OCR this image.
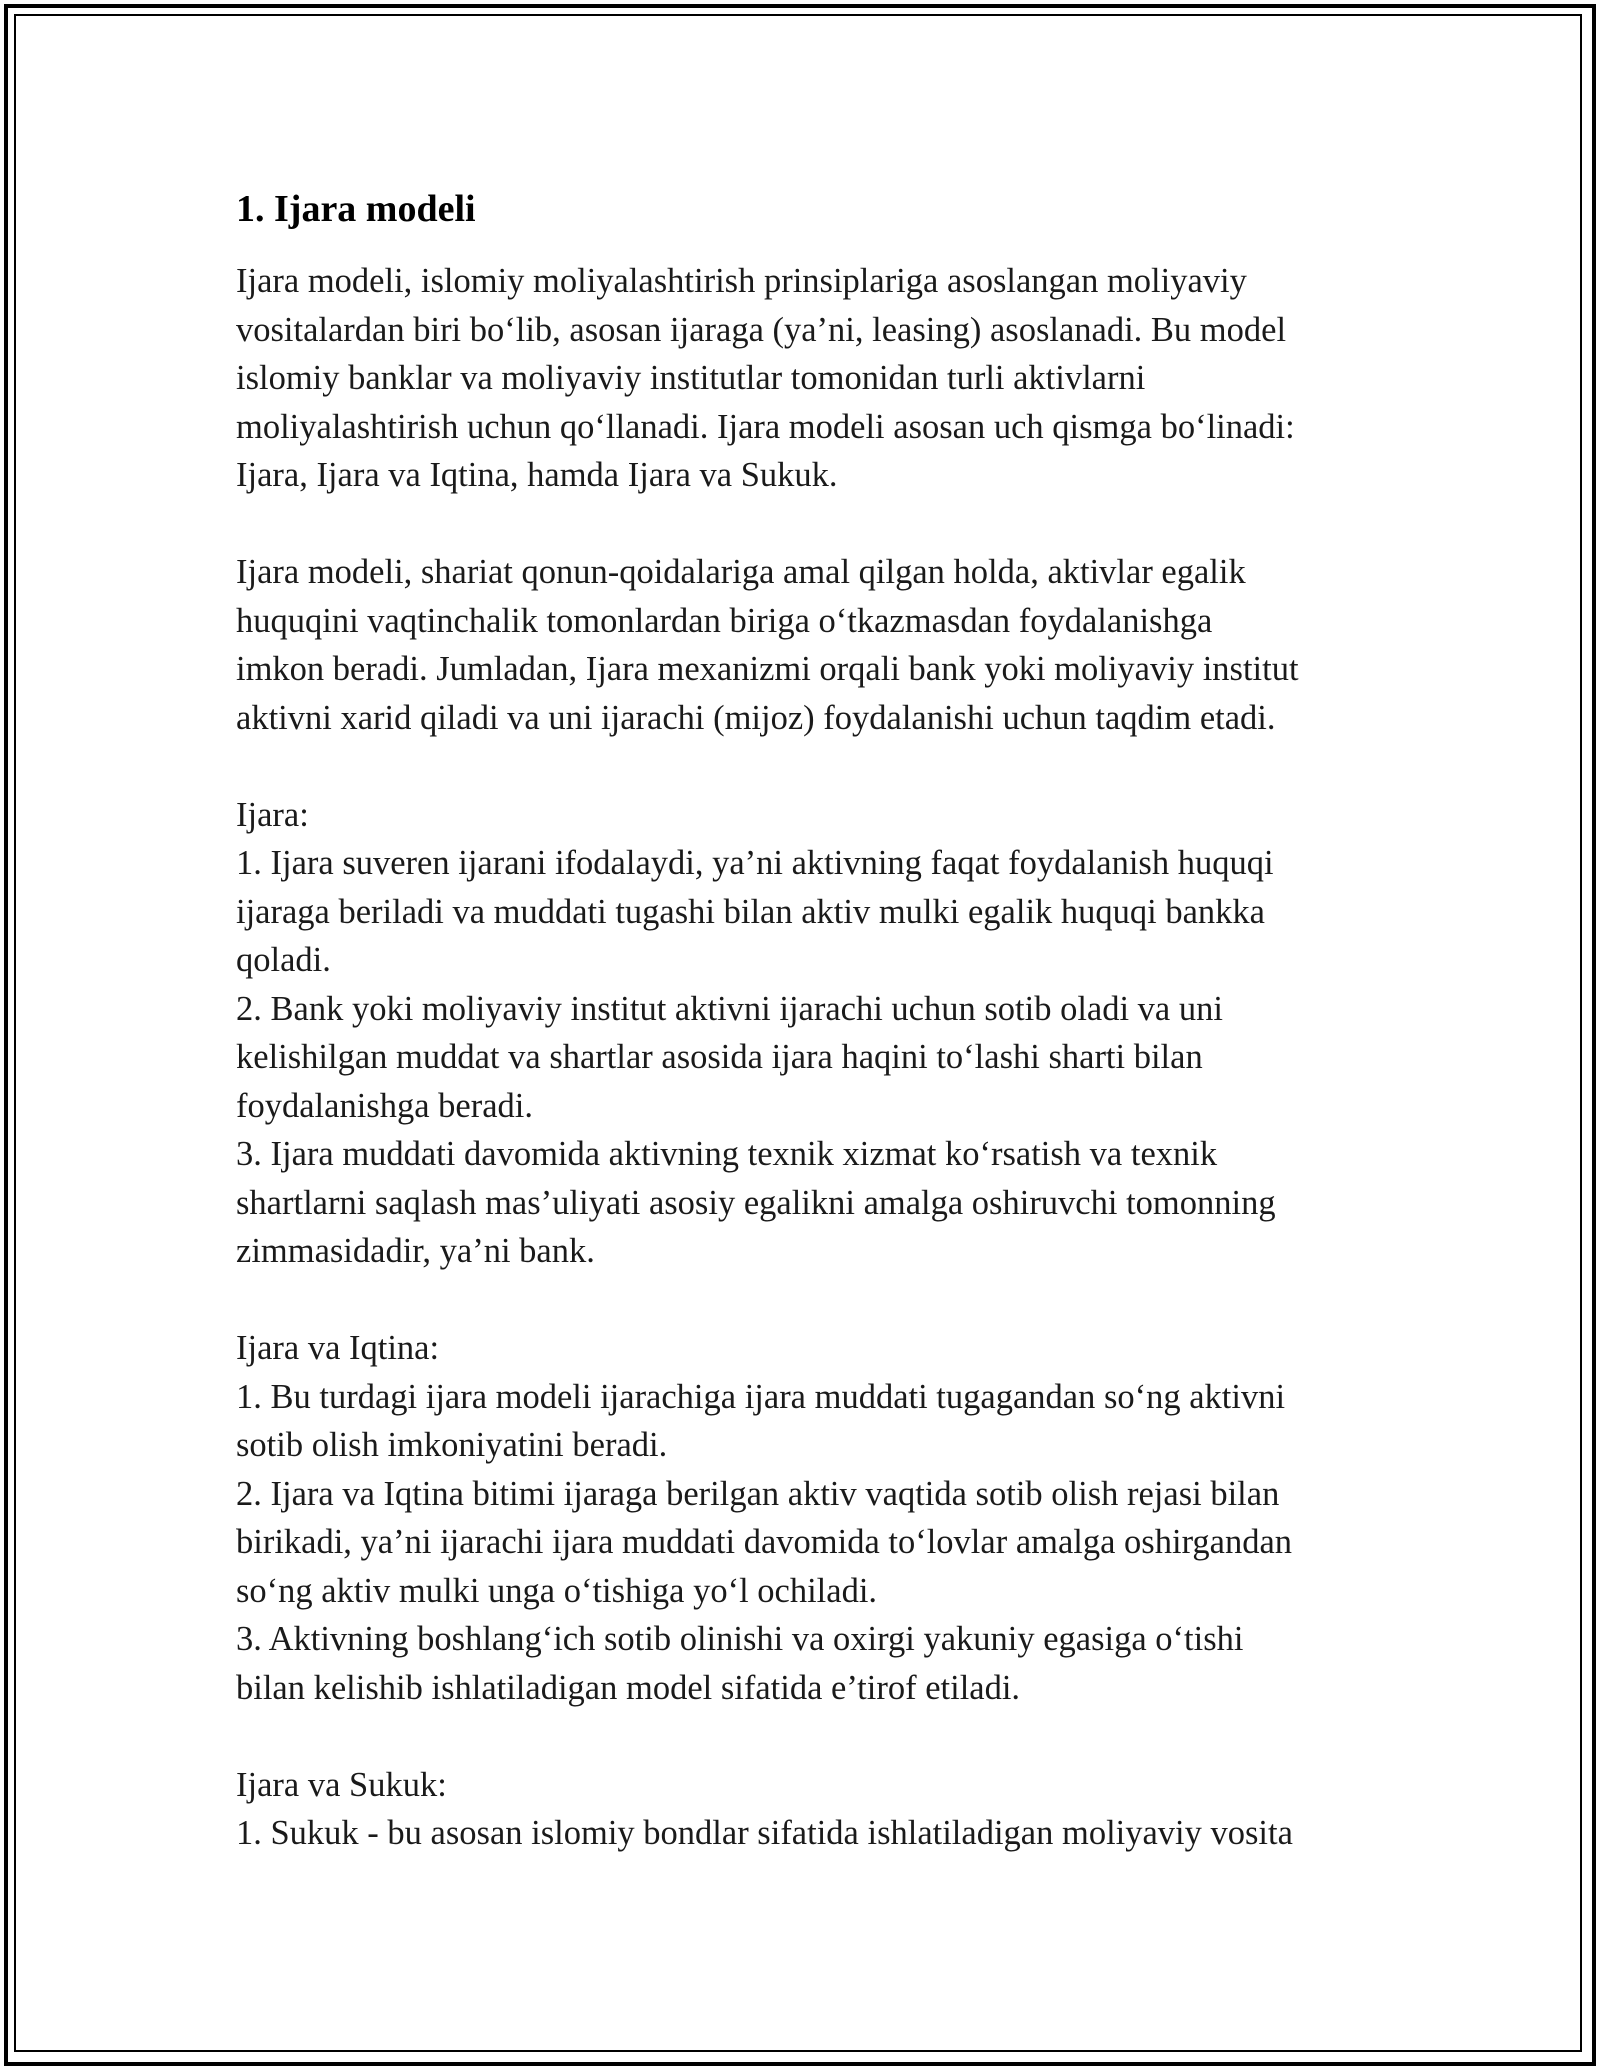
1. Ijara modeli

Ijara modeli, islomiy moliyalashtirish prinsiplariga asoslangan moliyaviy
vositalardan biri bo‘lib, asosan ijaraga (ya’ni, leasing) asoslanadi. Bu model
islomiy banklar va moliyaviy institutlar tomonidan turli aktivlarni
moliyalashtirish uchun qo‘llanadi. Ijara modeli asosan uch qismga bo‘linadi:
Ijara, Ijara va Iqtina, hamda Ijara va Sukuk.

Ijara modeli, shariat qonun-qoidalariga amal qilgan holda, aktivlar egalik
huquqini vaqtinchalik tomonlardan biriga o‘tkazmasdan foydalanishga
imkon beradi. Jumladan, Ijara mexanizmi orqali bank yoki moliyaviy institut
aktivni xarid qiladi va uni ijarachi (mijoz) foydalanishi uchun taqdim etadi.

Ijara:
1. Ijara suveren ijarani ifodalaydi, ya’ni aktivning faqat foydalanish huquqi
ijaraga beriladi va muddati tugashi bilan aktiv mulki egalik huquqi bankka
qoladi.
2. Bank yoki moliyaviy institut aktivni ijarachi uchun sotib oladi va uni
kelishilgan muddat va shartlar asosida ijara haqini to‘lashi sharti bilan
foydalanishga beradi.
3. Ijara muddati davomida aktivning texnik xizmat ko‘rsatish va texnik
shartlarni saqlash mas’uliyati asosiy egalikni amalga oshiruvchi tomonning
zimmasidadir, ya’ni bank.

Ijara va Iqtina:
1. Bu turdagi ijara modeli ijarachiga ijara muddati tugagandan so‘ng aktivni
sotib olish imkoniyatini beradi.
2. Ijara va Iqtina bitimi ijaraga berilgan aktiv vaqtida sotib olish rejasi bilan
birikadi, ya’ni ijarachi ijara muddati davomida to‘lovlar amalga oshirgandan
so‘ng aktiv mulki unga o‘tishiga yo‘l ochiladi.
3. Aktivning boshlang‘ich sotib olinishi va oxirgi yakuniy egasiga o‘tishi
bilan kelishib ishlatiladigan model sifatida e’tirof etiladi.

Ijara va Sukuk:
1. Sukuk - bu asosan islomiy bondlar sifatida ishlatiladigan moliyaviy vosita
